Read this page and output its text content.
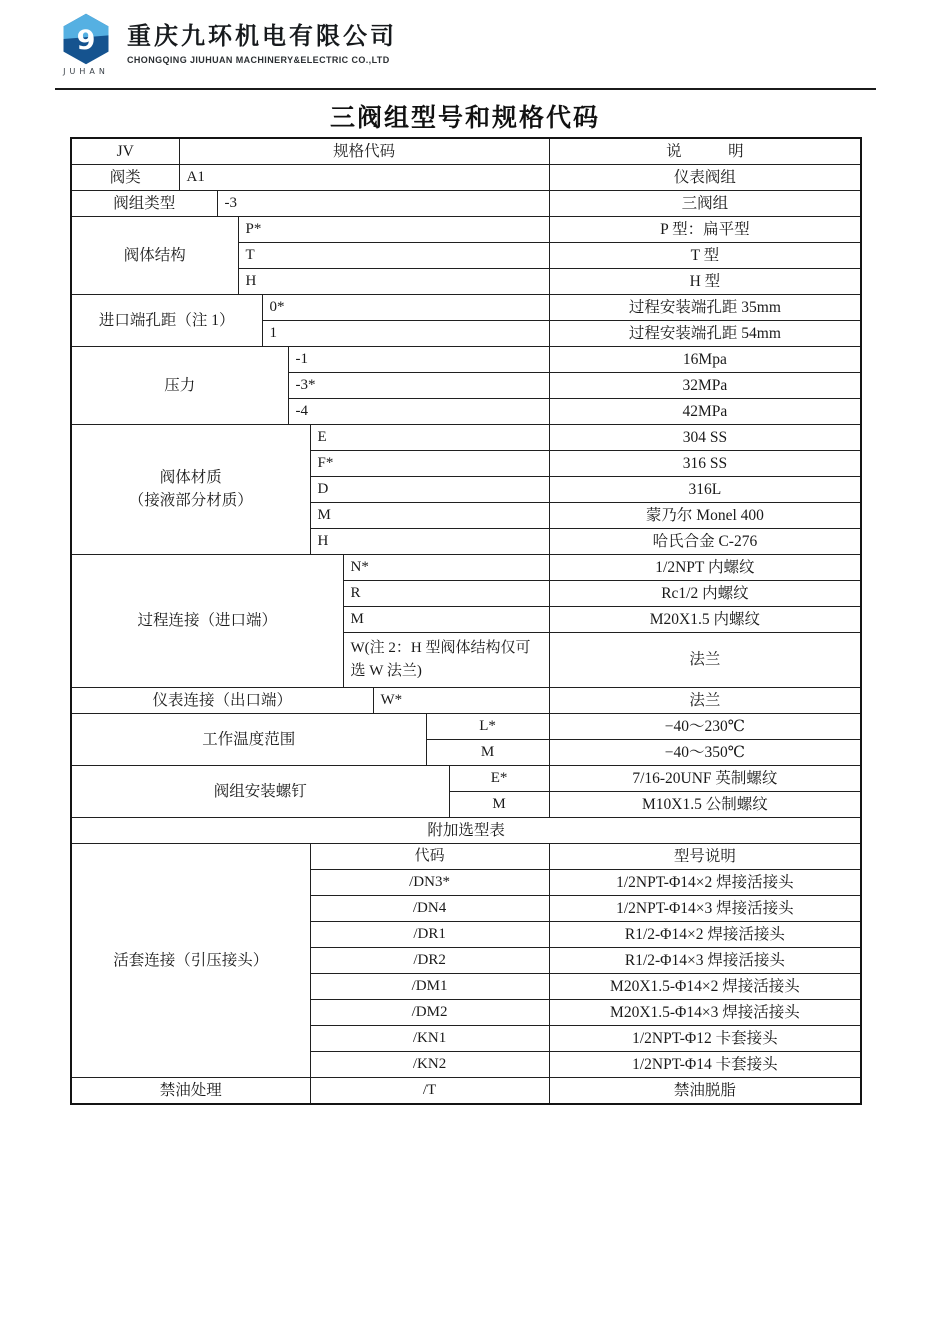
9
JUHAN
重庆九环机电有限公司
CHONGQING JIUHUAN MACHINERY&ELECTRIC CO.,LTD
三阀组型号和规格代码
JV	规格代码										说　　　明
阀类	A1										仪表阀组
阀组类型		-3									三阀组
阀体结构			P*								P 型：扁平型
			T								T 型
			H								H 型
进口端孔距（注 1）				0*							过程安装端孔距 35mm
				1							过程安装端孔距 54mm
压力					-1						16Mpa
					-3*						32MPa
					-4						42MPa

阀体材质
（接液部分材质）						E					304 SS
						F*					316 SS
						D					316L
						M					蒙乃尔 Monel 400
						H					哈氏合金 C-276
过程连接（进口端）							N*				1/2NPT 内螺纹
							R				Rc1/2 内螺纹
							M				M20X1.5 内螺纹
							W(注 2：H 型阀体结构仅可选 W 法兰)				法兰
仪表连接（出口端）								W*			法兰
工作温度范围									L*		−40～230℃
									M		−40～350℃
阀组安装螺钉										E*	7/16-20UNF 英制螺纹
										M	M10X1.5 公制螺纹
附加选型表											
活套连接（引压接头）						代码					型号说明
						/DN3*					1/2NPT-Φ14×2 焊接活接头
						/DN4					1/2NPT-Φ14×3 焊接活接头
						/DR1					R1/2-Φ14×2 焊接活接头
						/DR2					R1/2-Φ14×3 焊接活接头
						/DM1					M20X1.5-Φ14×2 焊接活接头
						/DM2					M20X1.5-Φ14×3 焊接活接头
						/KN1					1/2NPT-Φ12 卡套接头
						/KN2					1/2NPT-Φ14 卡套接头
禁油处理						/T					禁油脱脂
